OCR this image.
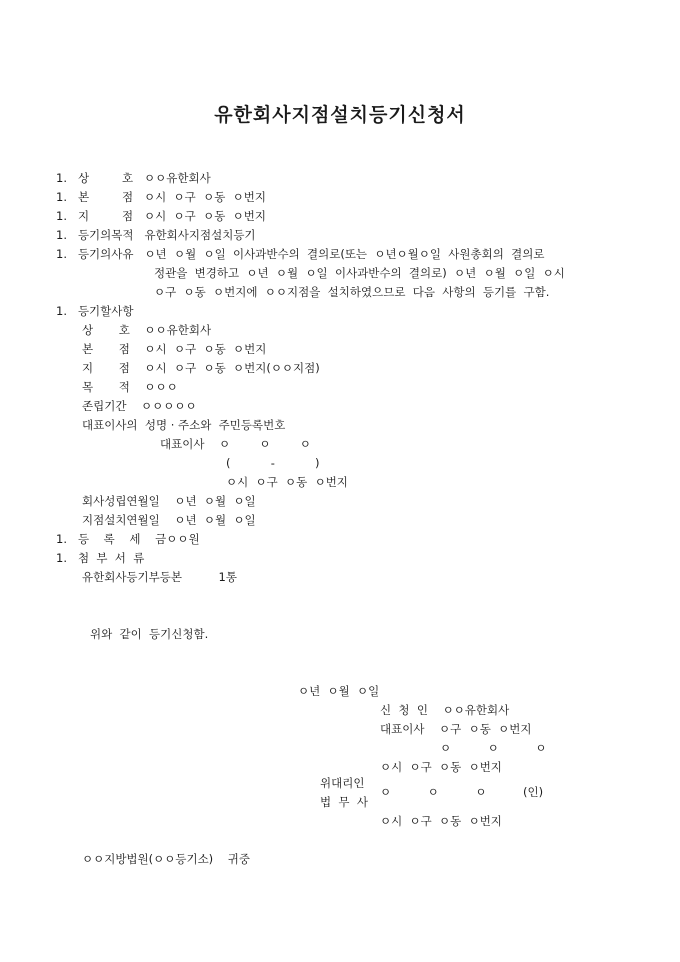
유한회사지점설치등기신청서
1.   상         호   ㅇㅇ유한회사
1.   본         점   ㅇ시  ㅇ구  ㅇ동  ㅇ번지
1.   지         점   ㅇ시  ㅇ구  ㅇ동  ㅇ번지
1.   등기의목적   유한회사지점설치등기
1.   등기의사유   ㅇ년  ㅇ월  ㅇ일  이사과반수의  결의로(또는  ㅇ년ㅇ월ㅇ일  사원총회의  결의로
정관을  변경하고  ㅇ년  ㅇ월  ㅇ일  이사과반수의  결의로)  ㅇ년  ㅇ월  ㅇ일  ㅇ시
ㅇ구  ㅇ동  ㅇ번지에  ㅇㅇ지점을  설치하였으므로  다음  사항의  등기를  구함.
1.   등기할사항
상       호    ㅇㅇ유한회사
본       점    ㅇ시  ㅇ구  ㅇ동  ㅇ번지
지       점    ㅇ시  ㅇ구  ㅇ동  ㅇ번지(ㅇㅇ지점)
목       적    ㅇㅇㅇ
존립기간    ㅇㅇㅇㅇㅇ
대표이사의  성명 · 주소와  주민등록번호
대표이사    ㅇ        ㅇ        ㅇ
(           -           )
ㅇ시  ㅇ구  ㅇ동  ㅇ번지
회사성립연월일    ㅇ년  ㅇ월  ㅇ일
지점설치연월일    ㅇ년  ㅇ월  ㅇ일
1.   등    록    세    금ㅇㅇ원
1.   첨  부  서  류
유한회사등기부등본          1통
위와  같이  등기신청함.
ㅇ년  ㅇ월  ㅇ일
신  청  인    ㅇㅇ유한회사
대표이사    ㅇ구  ㅇ동  ㅇ번지
ㅇ          ㅇ          ㅇ
ㅇ시  ㅇ구  ㅇ동  ㅇ번지
위대리인
ㅇ          ㅇ          ㅇ          (인)
법  무  사
ㅇ시  ㅇ구  ㅇ동  ㅇ번지
ㅇㅇ지방법원(ㅇㅇ등기소)    귀중
